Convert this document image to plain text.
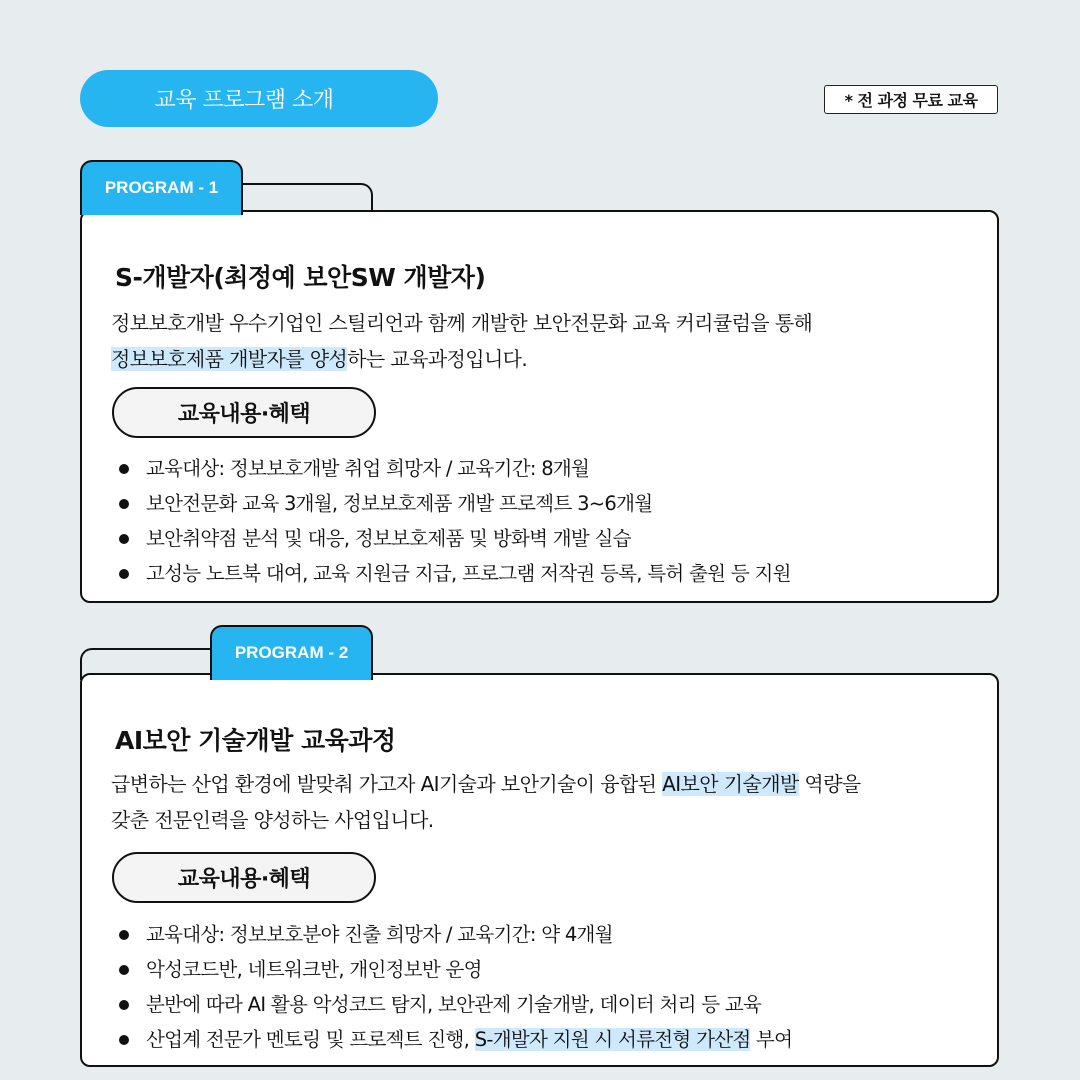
교육 프로그램 소개	* 전 과정 무료 교육
PROGRAM - 1
S-개발자(최정예 보안SW 개발자)
정보보호개발 우수기업인 스틸리언과 함께 개발한 보안전문화 교육 커리큘럼을 통해
정보보호제품 개발자를 양성하는 교육과정입니다.
교육내용·혜택
교육대상: 정보보호개발 취업 희망자 / 교육기간: 8개월
보안전문화 교육 3개월, 정보보호제품 개발 프로젝트 3~6개월
보안취약점 분석 및 대응, 정보보호제품 및 방화벽 개발 실습
고성능 노트북 대여, 교육 지원금 지급, 프로그램 저작권 등록, 특허 출원 등 지원
PROGRAM - 2
AI보안 기술개발 교육과정
급변하는 산업 환경에 발맞춰 가고자 AI기술과 보안기술이 융합된 AI보안 기술개발 역량을
갖춘 전문인력을 양성하는 사업입니다.
교육내용·혜택
교육대상: 정보보호분야 진출 희망자 / 교육기간: 약 4개월
악성코드반, 네트워크반, 개인정보반 운영
분반에 따라 AI 활용 악성코드 탐지, 보안관제 기술개발, 데이터 처리 등 교육
산업계 전문가 멘토링 및 프로젝트 진행, S-개발자 지원 시 서류전형 가산점 부여
